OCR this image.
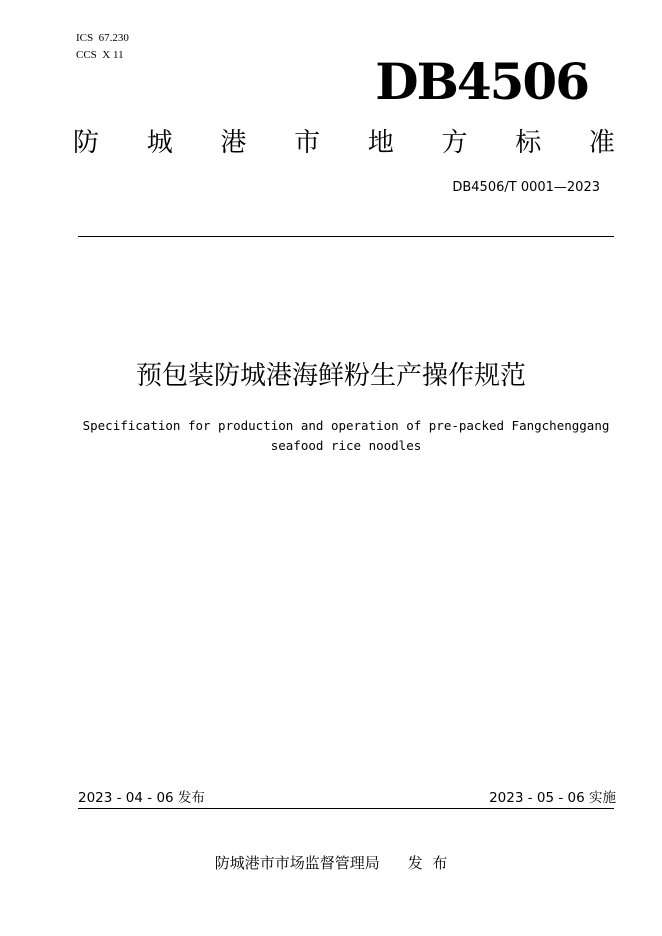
ICS  67.230
CCS  X 11	DB4506
防 城 港 市 地 方 标 准
DB4506/T 0001—2023
预包装防城港海鲜粉生产操作规范
Specification for production and operation of pre-packed Fangchenggang seafood rice noodles
2023 - 04 - 06 发布	2023 - 05 - 06 实施
防城港市市场监督管理局 发  布
